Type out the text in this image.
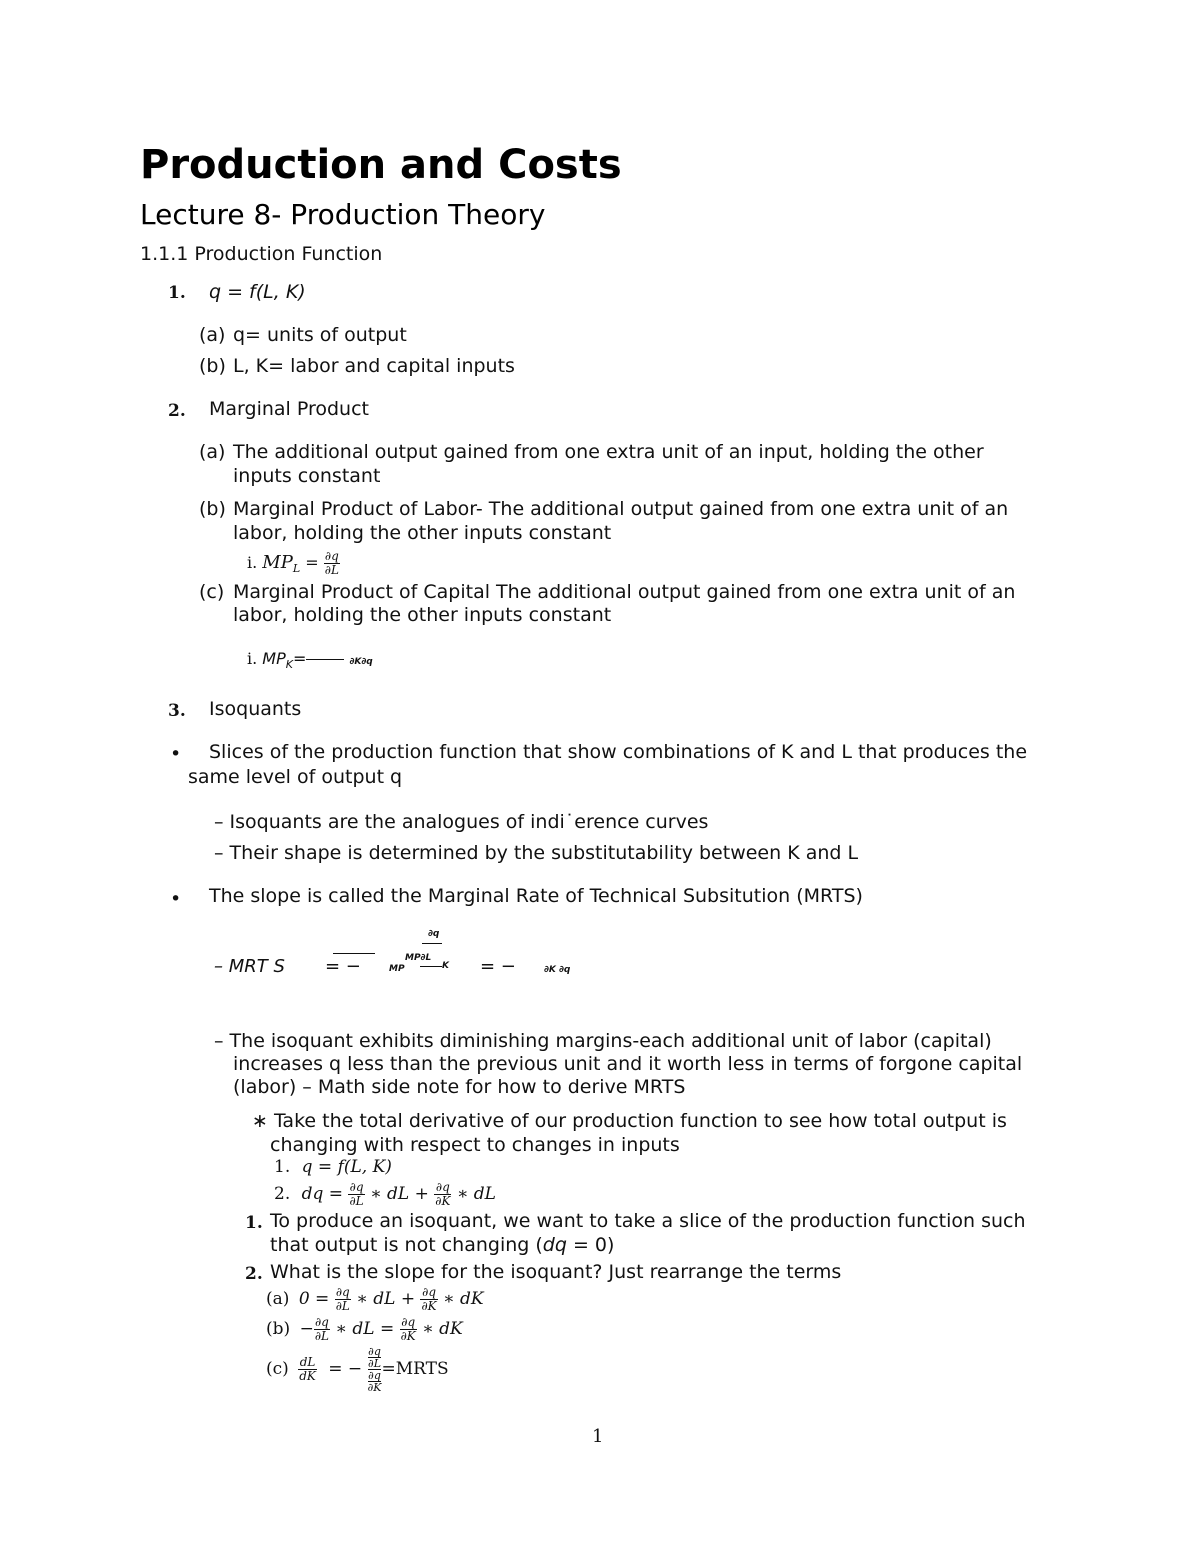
Production and Costs
Lecture 8- Production Theory
1.1.1 Production Function
1. q = f(L, K)
(a) q= units of output
(b) L, K= labor and capital inputs
2. Marginal Product
(a) The additional output gained from one extra unit of an input, holding the other
inputs constant
(b) Marginal Product of Labor- The additional output gained from one extra unit of an
labor, holding the other inputs constant
i. $MP_L = \frac{\partial q}{\partial L}$
(c) Marginal Product of Capital The additional output gained from one extra unit of an
labor, holding the other inputs constant
i. $MP_K=$	∂K∂q
3. Isoquants
• Slices of the production function that show combinations of K and L that produces the
same level of output q
– Isoquants are the analogues of indi˙erence curves
– Their shape is determined by the substitutability between K and L
• The slope is called the Marginal Rate of Technical Subsitution (MRTS)
– MRT S = −
∂q
MP∂L
MP	K = −	∂K ∂q
– The isoquant exhibits diminishing margins-each additional unit of labor (capital)
increases q less than the previous unit and it worth less in terms of forgone capital
(labor) – Math side note for how to derive MRTS
∗ Take the total derivative of our production function to see how total output is
changing with respect to changes in inputs
1. q = f(L, K)
2. dq = $\frac{\partial q}{\partial L}$ ∗ dL + $\frac{\partial q}{\partial K}$ ∗ dL
1. To produce an isoquant, we want to take a slice of the production function such
that output is not changing (dq = 0)
2. What is the slope for the isoquant? Just rearrange the terms
(a) $0 = \frac{\partial q}{\partial L}$ ∗ dL + $\frac{\partial q}{\partial K}$ ∗ dK
$(b) - \frac{\partial q}{\partial L}$ ∗ dL = $\frac{\partial q}{\partial K}$ ∗ dK
$(c) \frac{dL}{dK}$ = −
∂q
∂L
∂q
∂K
=MRTS
1
